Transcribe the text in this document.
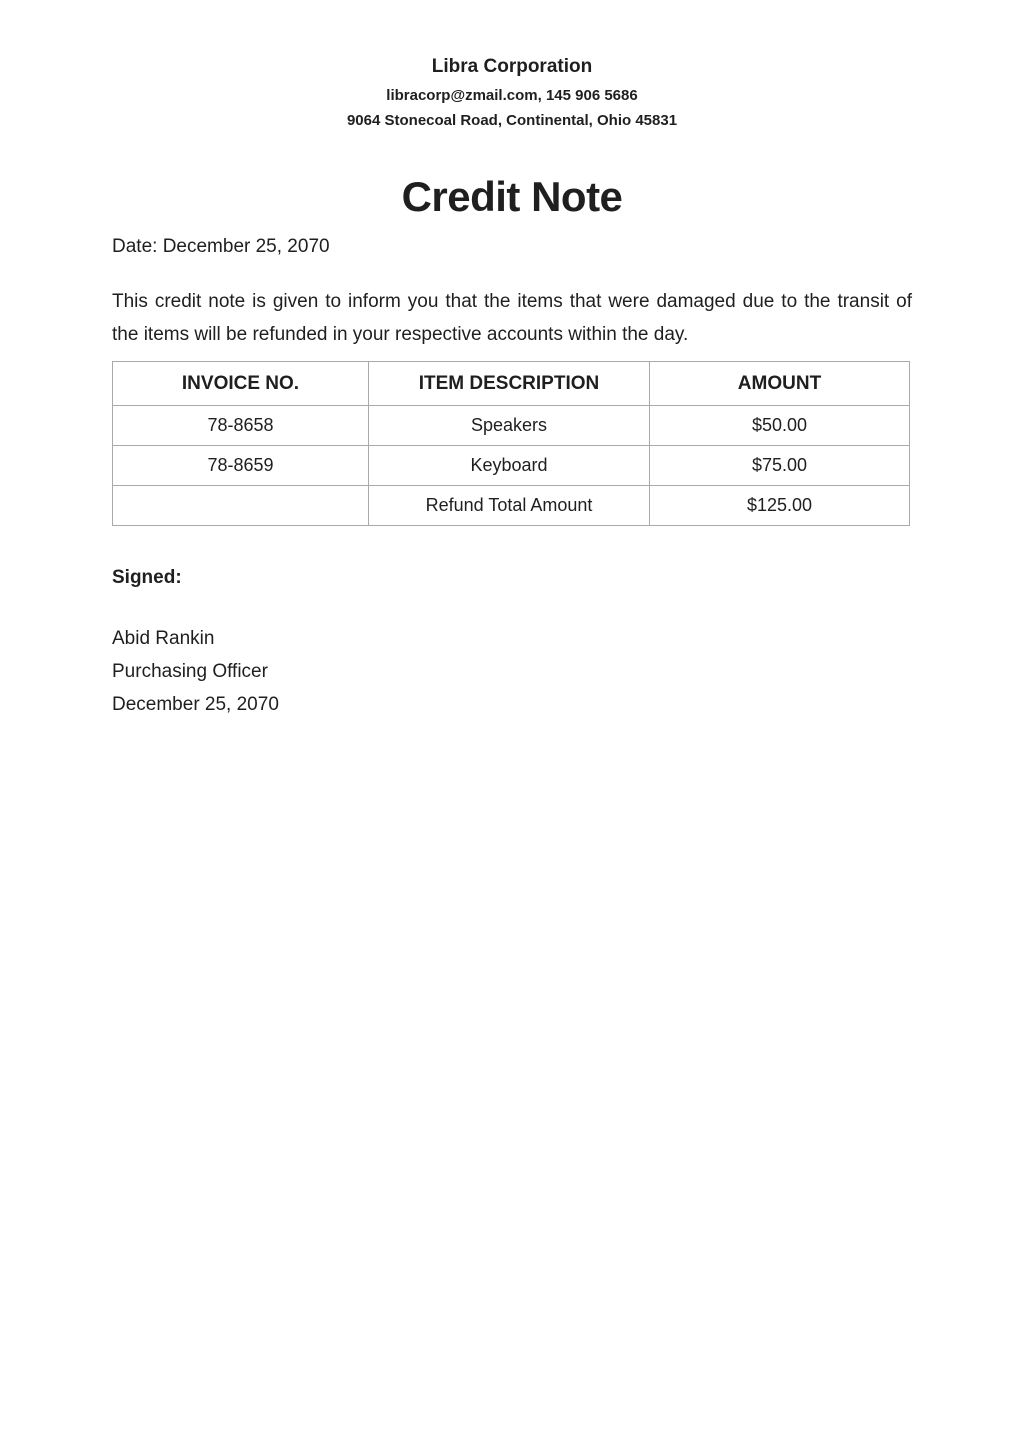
Libra Corporation
libracorp@zmail.com, 145 906 5686
9064 Stonecoal Road, Continental, Ohio 45831
Credit Note
Date: December 25, 2070
This credit note is given to inform you that the items that were damaged due to the transit of the items will be refunded in your respective accounts within the day.
INVOICE NO.	ITEM DESCRIPTION	AMOUNT
78-8658	Speakers	$50.00
78-8659	Keyboard	$75.00
	Refund Total Amount	$125.00
Signed:
Abid Rankin
Purchasing Officer
December 25, 2070
